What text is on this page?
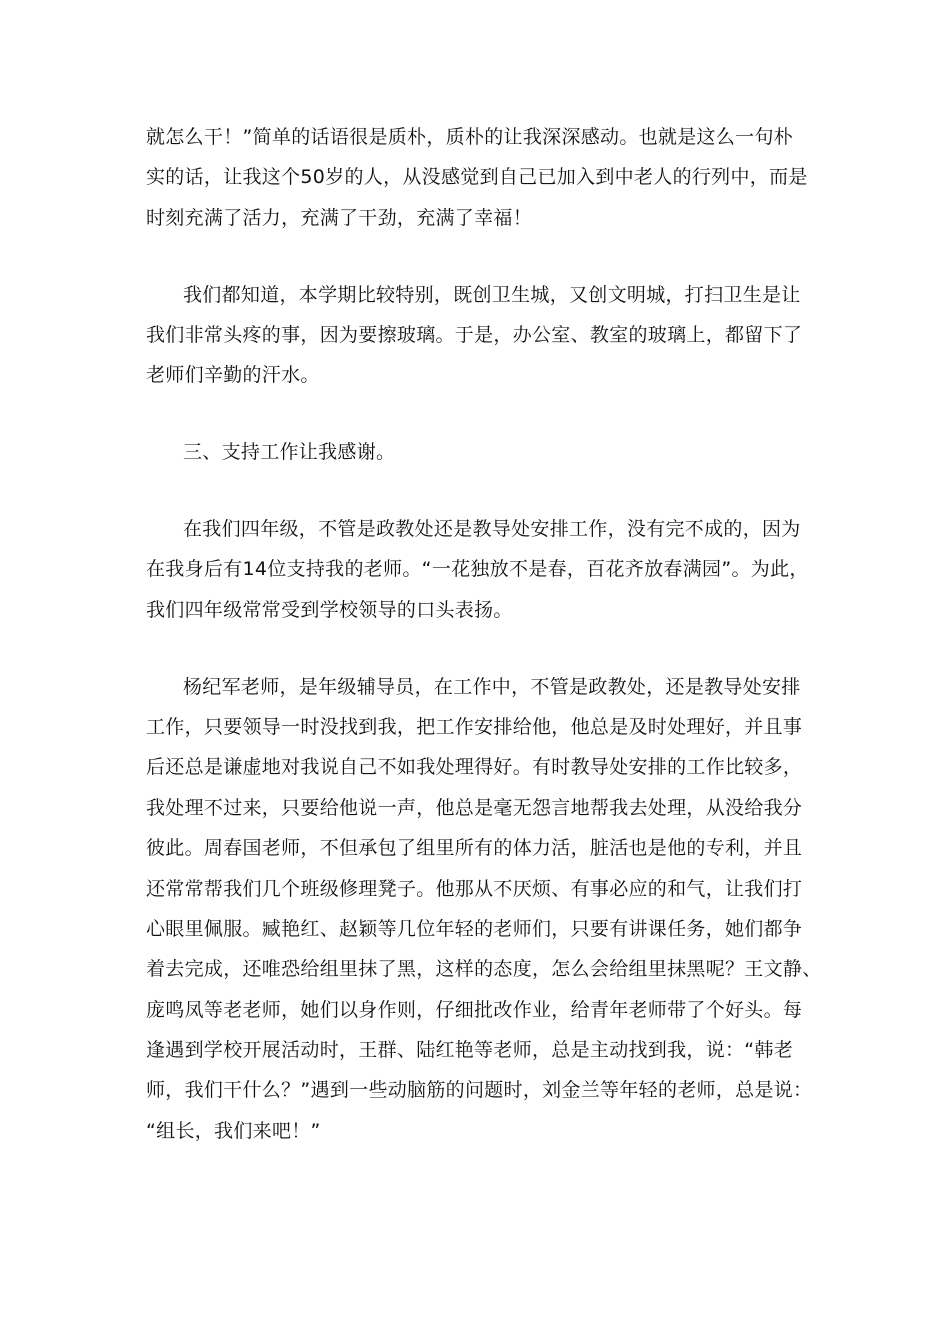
就怎么干！”简单的话语很是质朴，质朴的让我深深感动。也就是这么一句朴
实的话，让我这个50岁的人，从没感觉到自己已加入到中老人的行列中，而是
时刻充满了活力，充满了干劲，充满了幸福！
我们都知道，本学期比较特别，既创卫生城，又创文明城，打扫卫生是让
我们非常头疼的事，因为要擦玻璃。于是，办公室、教室的玻璃上，都留下了
老师们辛勤的汗水。
三、支持工作让我感谢。
在我们四年级，不管是政教处还是教导处安排工作，没有完不成的，因为
在我身后有14位支持我的老师。“一花独放不是春，百花齐放春满园”。为此，
我们四年级常常受到学校领导的口头表扬。
杨纪军老师，是年级辅导员，在工作中，不管是政教处，还是教导处安排
工作，只要领导一时没找到我，把工作安排给他，他总是及时处理好，并且事
后还总是谦虚地对我说自己不如我处理得好。有时教导处安排的工作比较多，
我处理不过来，只要给他说一声，他总是毫无怨言地帮我去处理，从没给我分
彼此。周春国老师，不但承包了组里所有的体力活，脏活也是他的专利，并且
还常常帮我们几个班级修理凳子。他那从不厌烦、有事必应的和气，让我们打
心眼里佩服。臧艳红、赵颖等几位年轻的老师们，只要有讲课任务，她们都争
着去完成，还唯恐给组里抹了黑，这样的态度，怎么会给组里抹黑呢？王文静、
庞鸣凤等老老师，她们以身作则，仔细批改作业，给青年老师带了个好头。每
逢遇到学校开展活动时，王群、陆红艳等老师，总是主动找到我，说：“韩老
师，我们干什么？”遇到一些动脑筋的问题时，刘金兰等年轻的老师，总是说：
“组长，我们来吧！”
